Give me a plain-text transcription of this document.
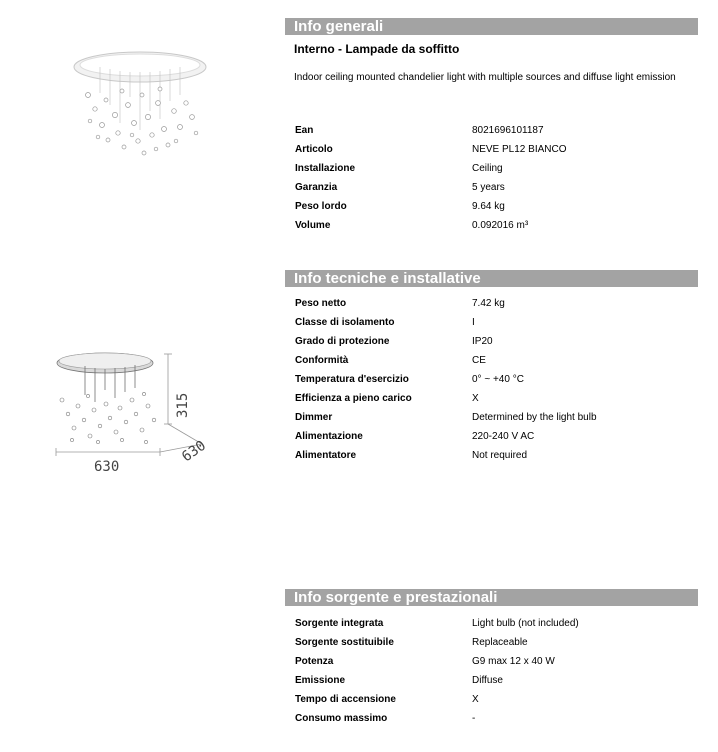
315
630
630
Info generali
Interno - Lampade da soffitto
Indoor ceiling mounted chandelier light with multiple sources and diffuse light emission
Ean	8021696101187
Articolo	NEVE PL12 BIANCO
Installazione	Ceiling
Garanzia	5 years
Peso lordo	9.64 kg
Volume	0.092016 m³
Info tecniche e installative
Peso netto	7.42 kg
Classe di isolamento	I
Grado di protezione	IP20
Conformità	CE
Temperatura d'esercizio	0° ~ +40 °C
Efficienza a pieno carico	X
Dimmer	Determined by the light bulb
Alimentazione	220-240 V AC
Alimentatore	Not required
Info sorgente e prestazionali
Sorgente integrata	Light bulb (not included)
Sorgente sostituibile	Replaceable
Potenza	G9 max 12 x 40 W
Emissione	Diffuse
Tempo di accensione	X
Consumo massimo	-
